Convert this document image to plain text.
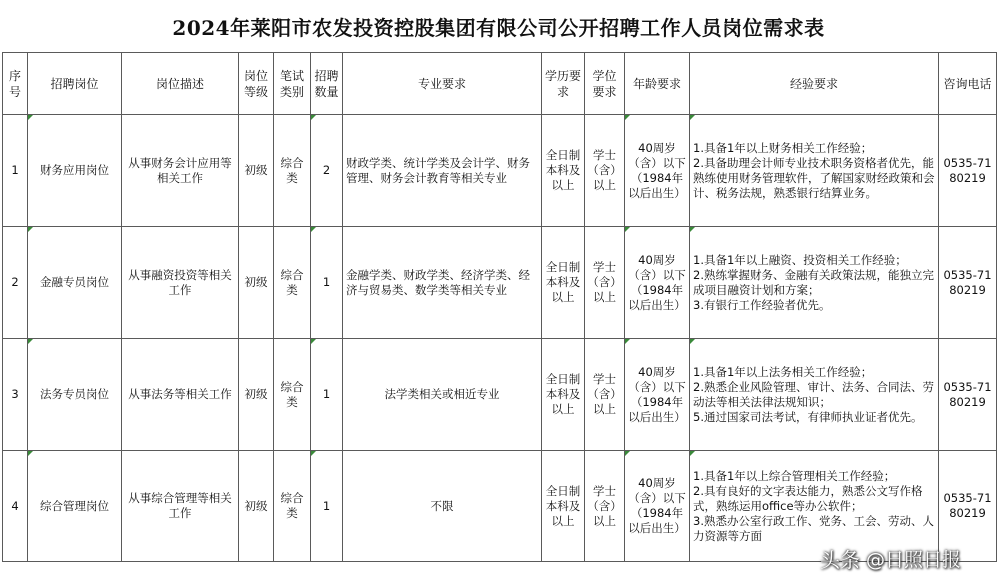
2024年莱阳市农发投资控股集团有限公司公开招聘工作人员岗位需求表
序号	招聘岗位	岗位描述	岗位等级	笔试类别	招聘数量	专业要求	学历要求	学位要求	年龄要求	经验要求	咨询电话
1	财务应用岗位	从事财务会计应用等相关工作	初级	综合类	2	财政学类、统计学类及会计学、财务管理、财务会计教育等相关专业	全日制本科及以上	学士（含）以上	40周岁（含）以下（1984年以后出生）	1.具备1年以上财务相关工作经验；
2.具备助理会计师专业技术职务资格者优先，能熟练使用财务管理软件，了解国家财经政策和会计、税务法规，熟悉银行结算业务。	0535-7180219
2	金融专员岗位	从事融资投资等相关工作	初级	综合类	1	金融学类、财政学类、经济学类、经济与贸易类、数学类等相关专业	全日制本科及以上	学士（含）以上	40周岁（含）以下（1984年以后出生）	1.具备1年以上融资、投资相关工作经验；
2.熟练掌握财务、金融有关政策法规，能独立完成项目融资计划和方案；
3.有银行工作经验者优先。	0535-7180219
3	法务专员岗位	从事法务等相关工作	初级	综合类	1	法学类相关或相近专业	全日制本科及以上	学士（含）以上	40周岁（含）以下（1984年以后出生）	1.具备1年以上法务相关工作经验；
2.熟悉企业风险管理、审计、法务、合同法、劳动法等相关法律法规知识；
5.通过国家司法考试，有律师执业证者优先。	0535-7180219
4	综合管理岗位	从事综合管理等相关工作	初级	综合类	1	不限	全日制本科及以上	学士（含）以上	40周岁（含）以下（1984年以后出生）	1.具备1年以上综合管理相关工作经验；
2.具有良好的文字表达能力，熟悉公文写作格式，熟练运用office等办公软件；
3.熟悉办公室行政工作、党务、工会、劳动、人力资源等方面	0535-7180219
头条 @日照日报
